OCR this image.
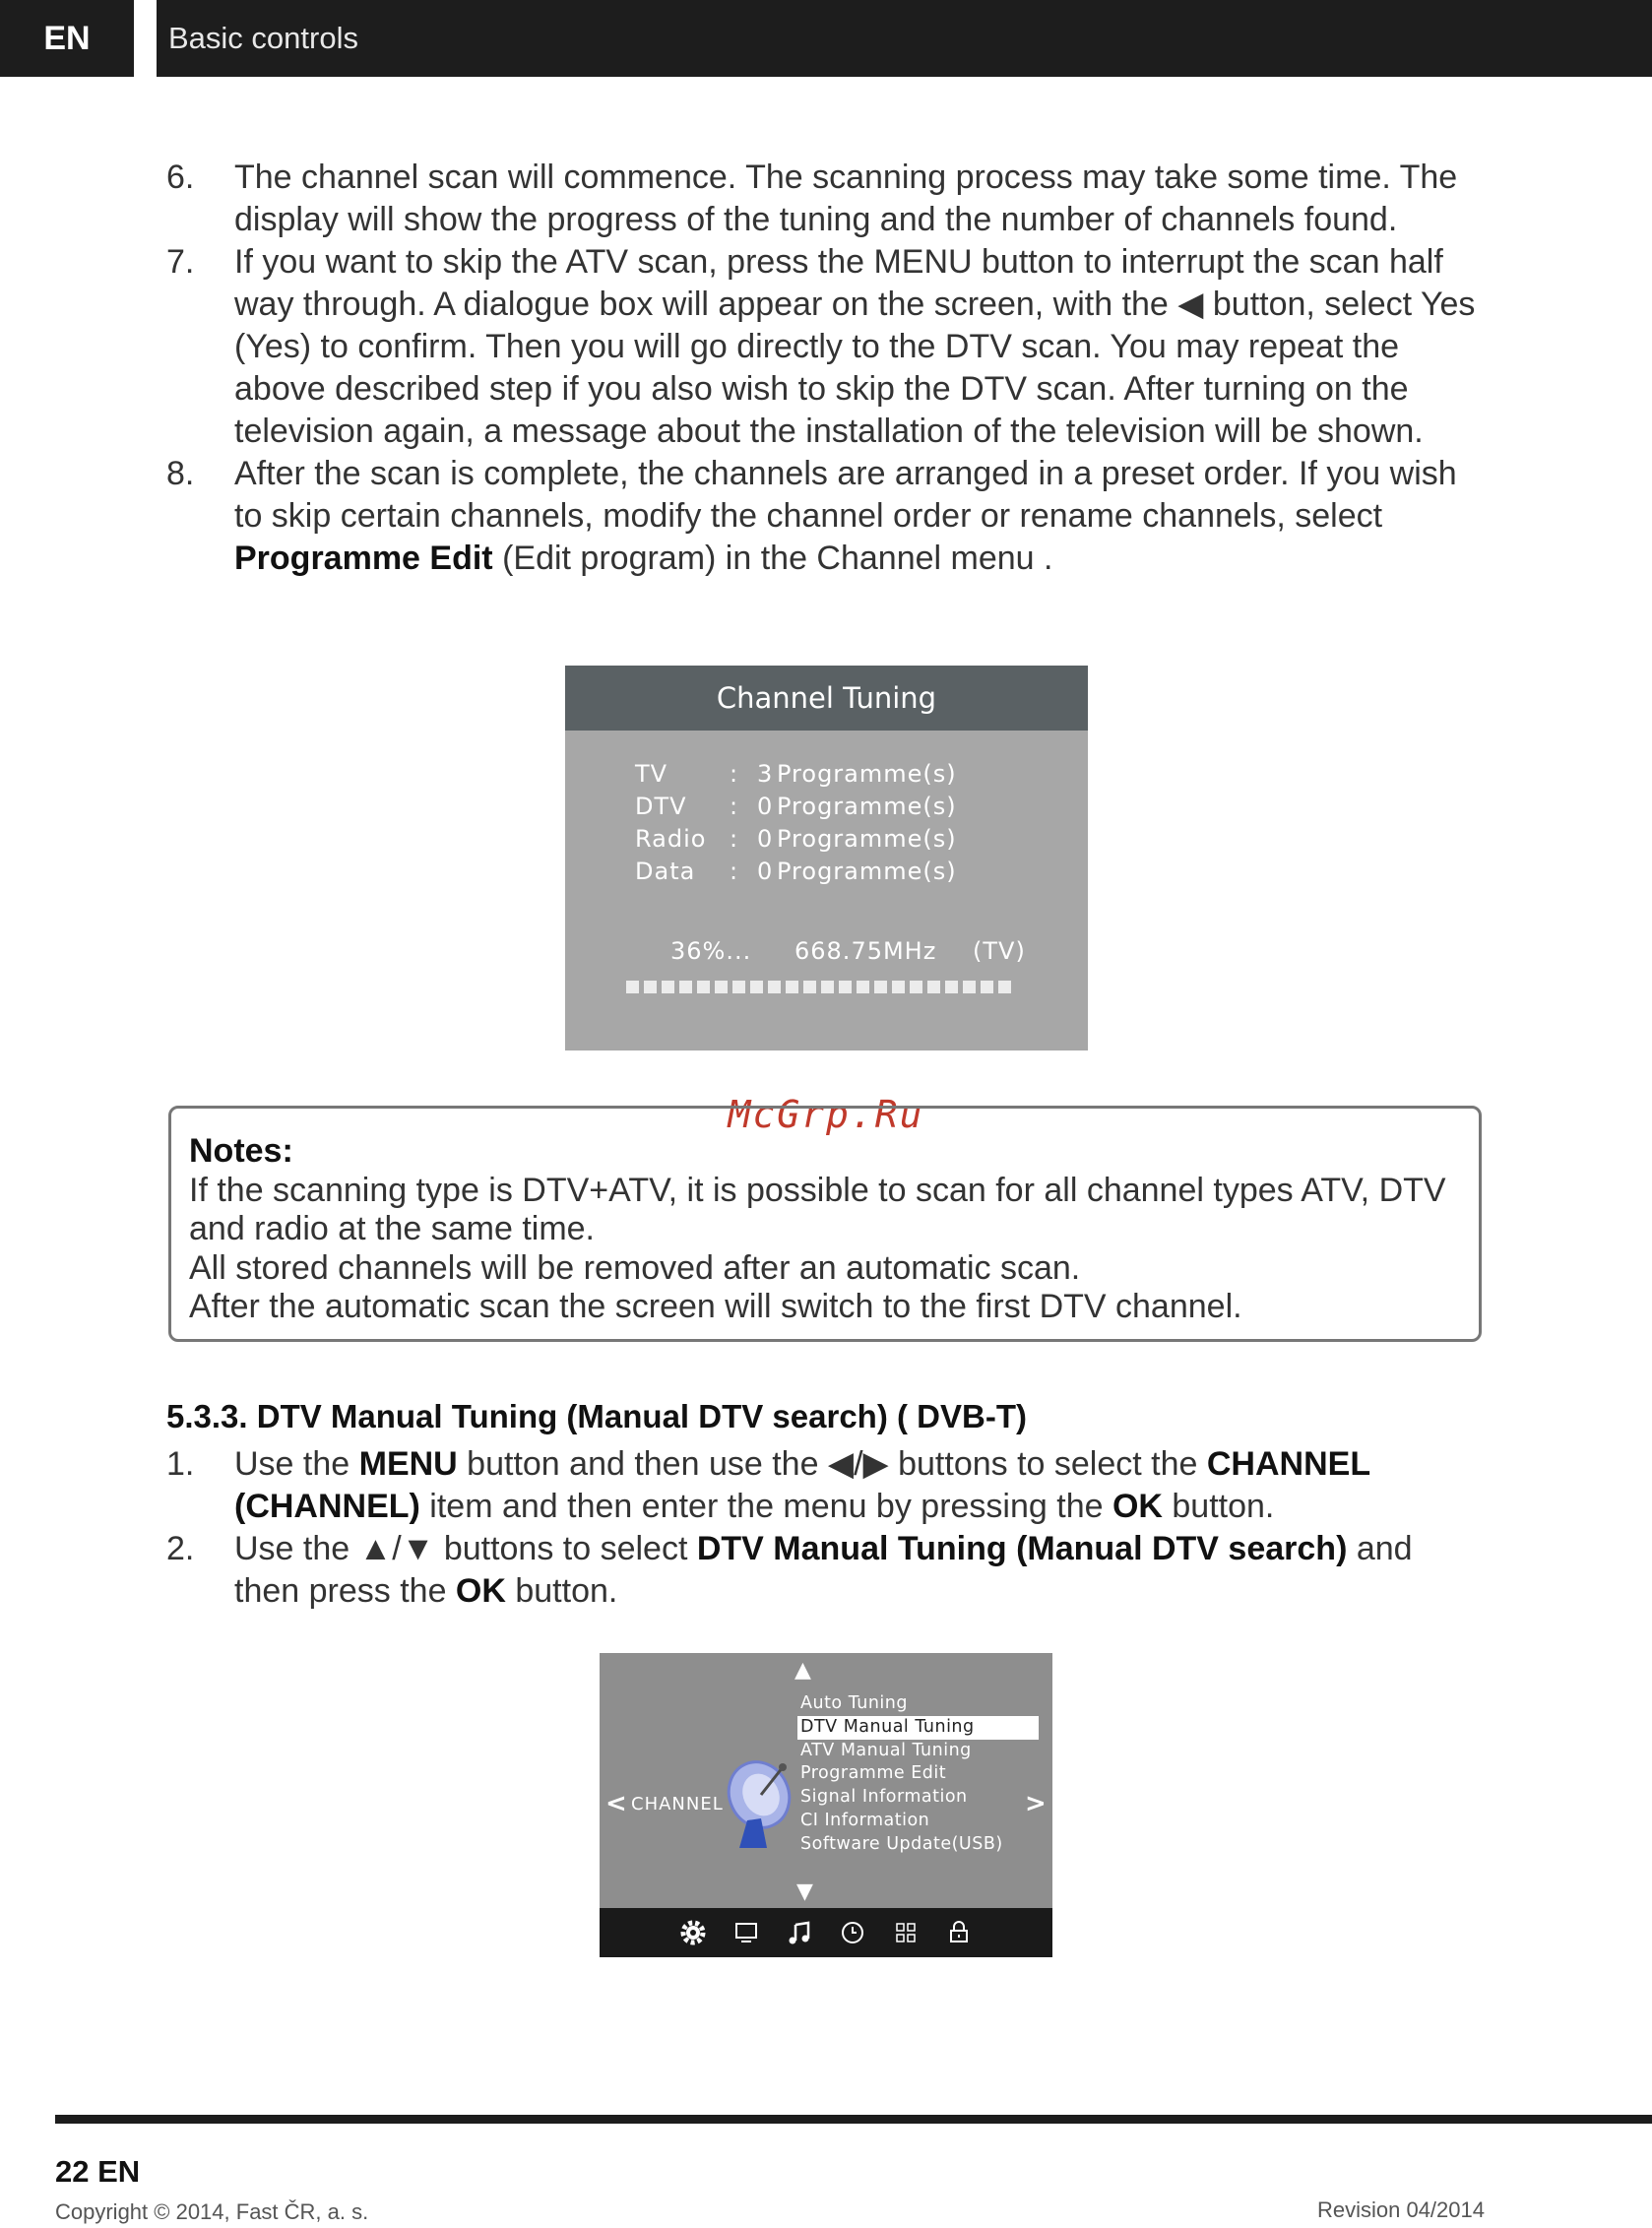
EN	Basic controls
6. The channel scan will commence. The scanning process may take some time. The display will show the progress of the tuning and the number of channels found.
7. If you want to skip the ATV scan, press the MENU button to interrupt the scan half way through. A dialogue box will appear on the screen, with the ◀ button, select Yes (Yes) to confirm. Then you will go directly to the DTV scan. You may repeat the above described step if you also wish to skip the DTV scan. After turning on the television again, a message about the installation of the television will be shown.
8. After the scan is complete, the channels are arranged in a preset order. If you wish to skip certain channels, modify the channel order or rename channels, select Programme Edit (Edit program) in the Channel menu .
Channel Tuning
TV	: 3 Programme(s)
DTV : 0 Programme(s)
Radio : 0 Programme(s)
Data : 0 Programme(s)
36%... 668.75MHz (TV)
McGrp.Ru
Notes:
If the scanning type is DTV+ATV, it is possible to scan for all channel types ATV, DTV and radio at the same time.
All stored channels will be removed after an automatic scan.
After the automatic scan the screen will switch to the first DTV channel.
5.3.3. DTV Manual Tuning (Manual DTV search) ( DVB-T)
1. Use the MENU button and then use the ◀/▶ buttons to select the CHANNEL (CHANNEL) item and then enter the menu by pressing the OK button.
2. Use the ▲/▼ buttons to select DTV Manual Tuning (Manual DTV search) and then press the OK button.
▲
▼
<	>
CHANNEL
Auto Tuning
DTV Manual Tuning
ATV Manual Tuning
Programme Edit
Signal Information
CI Information
Software Update(USB)
22 EN
Copyright © 2014, Fast ČR, a. s.	Revision 04/2014
